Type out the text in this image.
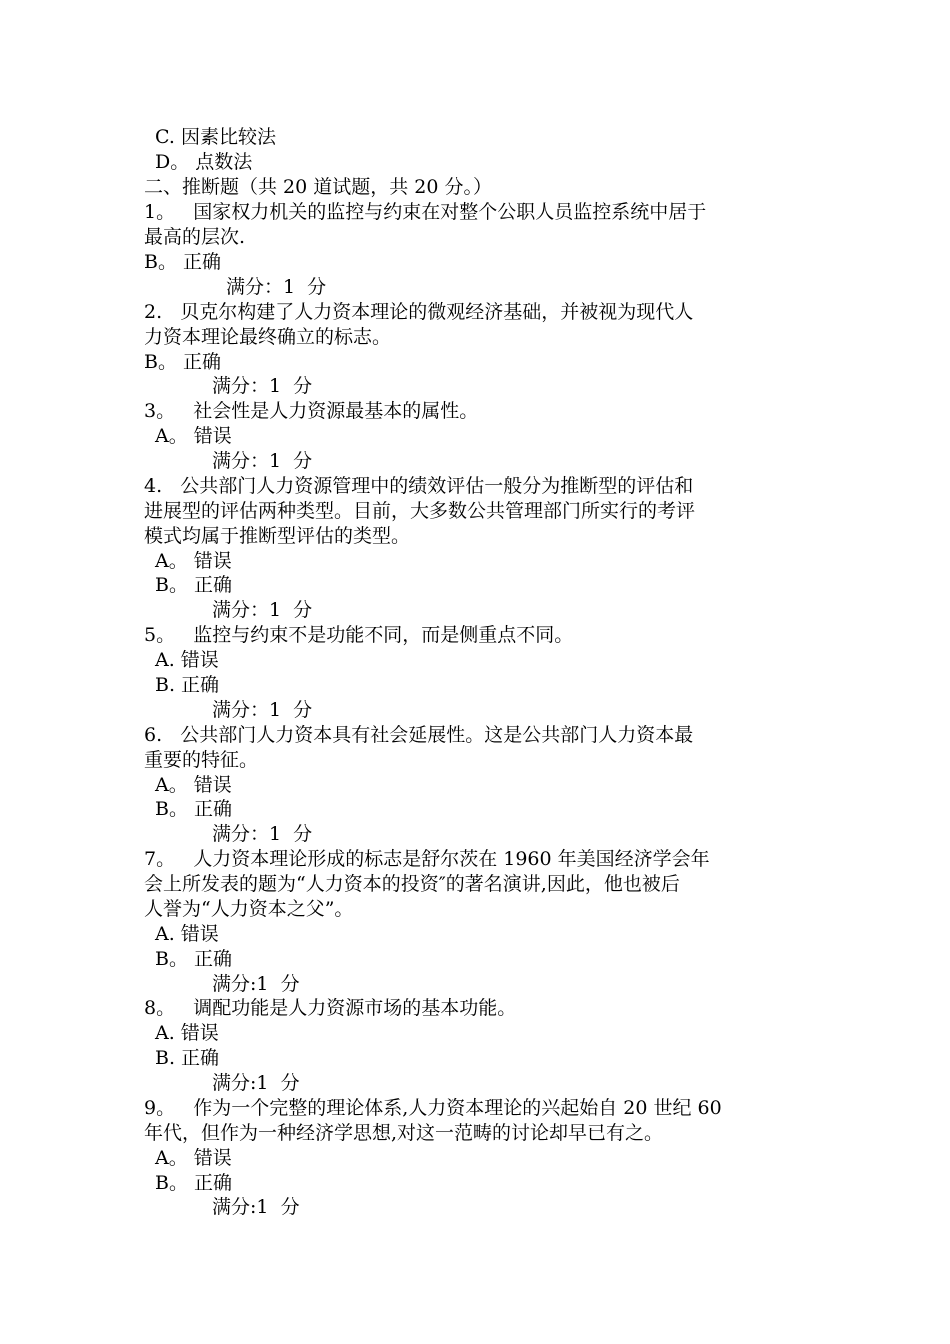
C. 因素比较法
D。 点数法
二、推断题（共 20 道试题，共 20 分。）
1。   国家权力机关的监控与约束在对整个公职人员监控系统中居于
最高的层次.
B。 正确
满分：1  分
2.   贝克尔构建了人力资本理论的微观经济基础，并被视为现代人
力资本理论最终确立的标志。
B。 正确
满分：1  分
3。   社会性是人力资源最基本的属性。
A。 错误
满分：1  分
4.   公共部门人力资源管理中的绩效评估一般分为推断型的评估和
进展型的评估两种类型。目前，大多数公共管理部门所实行的考评
模式均属于推断型评估的类型。
A。 错误
B。 正确
满分：1  分
5。   监控与约束不是功能不同，而是侧重点不同。
A. 错误
B. 正确
满分：1  分
6.   公共部门人力资本具有社会延展性。这是公共部门人力资本最
重要的特征。
A。 错误
B。 正确
满分：1  分
7。   人力资本理论形成的标志是舒尔茨在 1960 年美国经济学会年
会上所发表的题为“人力资本的投资″的著名演讲,因此，他也被后
人誉为“人力资本之父”。
A. 错误
B。 正确
满分:1  分
8。   调配功能是人力资源市场的基本功能。
A. 错误
B. 正确
满分:1  分
9。   作为一个完整的理论体系,人力资本理论的兴起始自 20 世纪 60
年代，但作为一种经济学思想,对这一范畴的讨论却早已有之。
A。 错误
B。 正确
满分:1  分
